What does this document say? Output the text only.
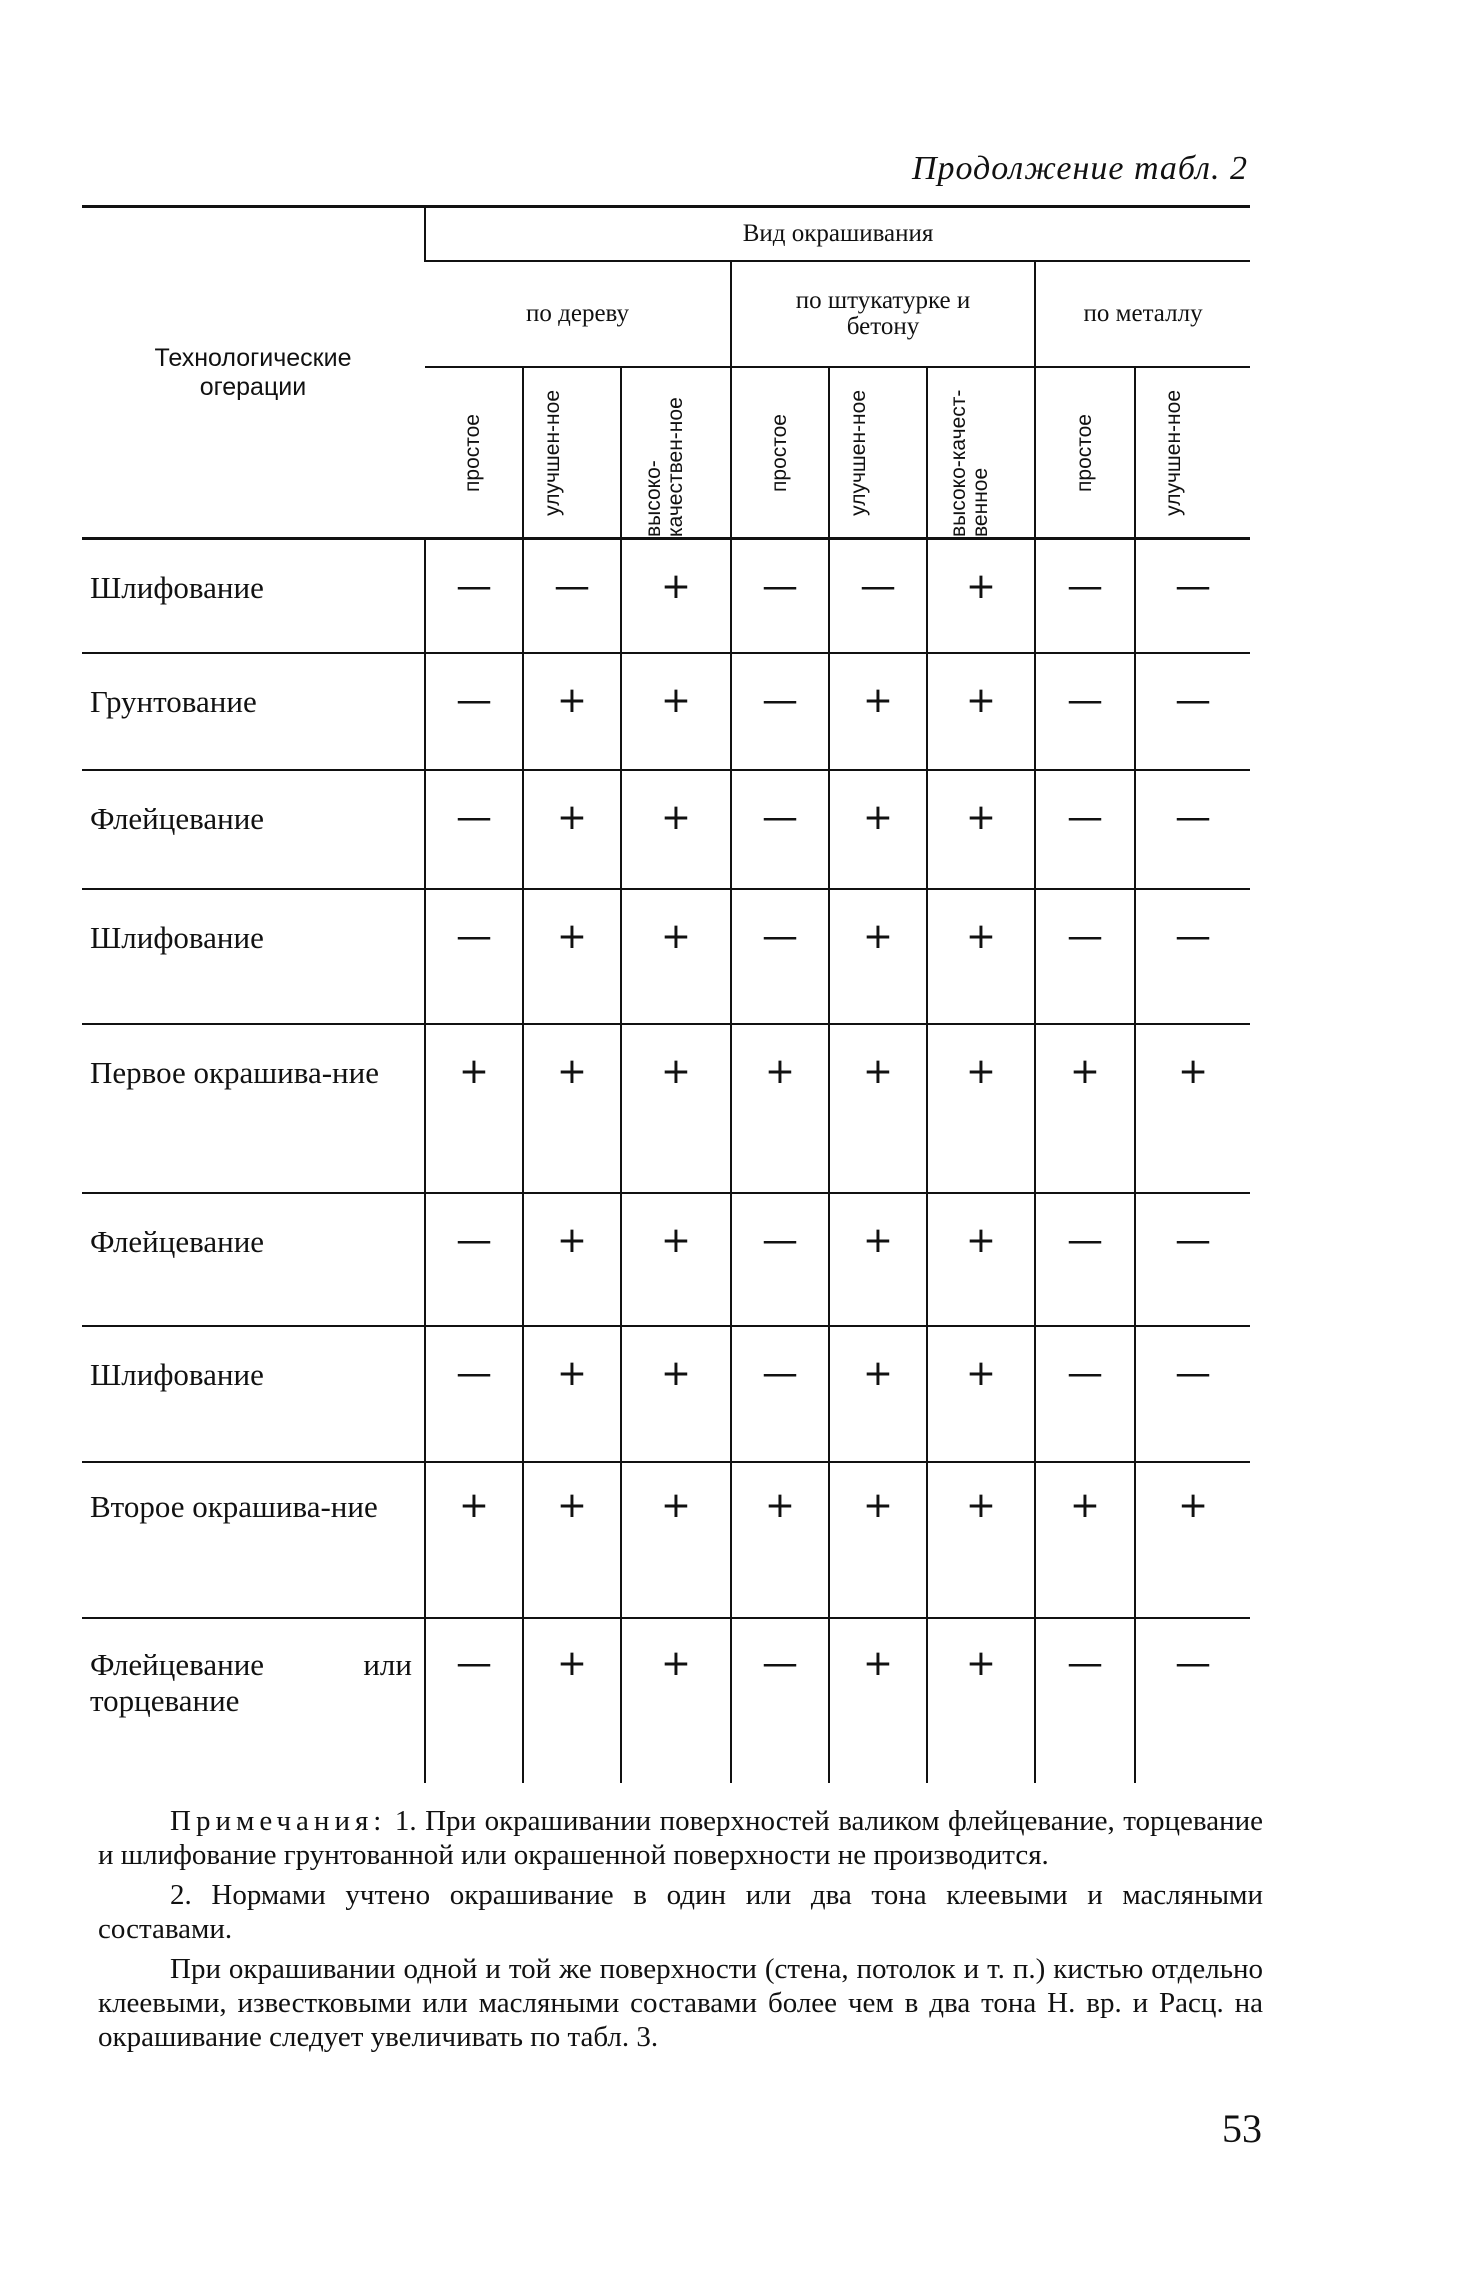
Продолжение табл. 2
Технологические огерации	Вид окрашивания							
	по дереву			по штукатурке и бетону			по металлу	

	простое	улучшен-ное	высоко-качествен-ное	простое	улучшен-ное	высоко-качест-венное	простое	улучшен-ное

Шлифование	—	—	+	—	—	+	—	—
Грунтование	—	+	+	—	+	+	—	—
Флейцевание	—	+	+	—	+	+	—	—
Шлифование	—	+	+	—	+	+	—	—
Первое окрашива-ние	+	+	+	+	+	+	+	+
Флейцевание	—	+	+	—	+	+	—	—
Шлифование	—	+	+	—	+	+	—	—
Второе окрашива-ние	+	+	+	+	+	+	+	+
Флейцевание или торцевание	—	+	+	—	+	+	—	—

Примечания: 1. При окрашивании поверхностей валиком флейцевание, торцевание и шлифование грунтованной или окрашенной поверхности не производится.

2. Нормами учтено окрашивание в один или два тона клеевыми и масляными составами.

При окрашивании одной и той же поверхности (стена, потолок и т. п.) кистью отдельно клеевыми, известковыми или масляными составами более чем в два тона Н. вр. и Расц. на окрашивание следует увеличивать по табл. 3.

53
